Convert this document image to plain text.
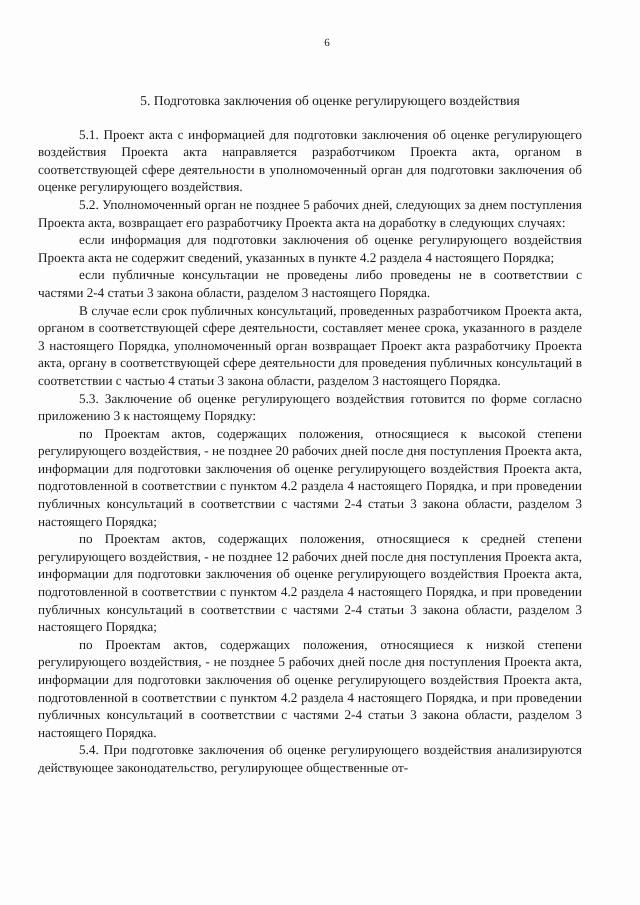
6
5. Подготовка заключения об оценке регулирующего воздействия

5.1. Проект акта с информацией для подготовки заключения об оценке регулирующего воздействия Проекта акта направляется разработчиком Проекта акта, органом в соответствующей сфере деятельности в уполномоченный орган для подготовки заключения об оценке регулирующего воздействия.

5.2. Уполномоченный орган не позднее 5 рабочих дней, следующих за днем поступления Проекта акта, возвращает его разработчику Проекта акта на доработку в следующих случаях:

если информация для подготовки заключения об оценке регулирующего воздействия Проекта акта не содержит сведений, указанных в пункте 4.2 раздела 4 настоящего Порядка;

если публичные консультации не проведены либо проведены не в соответствии с частями 2-4 статьи 3 закона области, разделом 3 настоящего Порядка.

В случае если срок публичных консультаций, проведенных разработчиком Проекта акта, органом в соответствующей сфере деятельности, составляет менее срока, указанного в разделе 3 настоящего Порядка, уполномоченный орган возвращает Проект акта разработчику Проекта акта, органу в соответствующей сфере деятельности для проведения публичных консультаций в соответствии с частью 4 статьи 3 закона области, разделом 3 настоящего Порядка.

5.3. Заключение об оценке регулирующего воздействия готовится по форме согласно приложению 3 к настоящему Порядку:

по Проектам актов, содержащих положения, относящиеся к высокой степени регулирующего воздействия, - не позднее 20 рабочих дней после дня поступления Проекта акта, информации для подготовки заключения об оценке регулирующего воздействия Проекта акта, подготовленной в соответствии с пунктом 4.2 раздела 4 настоящего Порядка, и при проведении публичных консультаций в соответствии с частями 2-4 статьи 3 закона области, разделом 3 настоящего Порядка;

по Проектам актов, содержащих положения, относящиеся к средней степени регулирующего воздействия, - не позднее 12 рабочих дней после дня поступления Проекта акта, информации для подготовки заключения об оценке регулирующего воздействия Проекта акта, подготовленной в соответствии с пунктом 4.2 раздела 4 настоящего Порядка, и при проведении публичных консультаций в соответствии с частями 2-4 статьи 3 закона области, разделом 3 настоящего Порядка;

по Проектам актов, содержащих положения, относящиеся к низкой степени регулирующего воздействия, - не позднее 5 рабочих дней после дня поступления Проекта акта, информации для подготовки заключения об оценке регулирующего воздействия Проекта акта, подготовленной в соответствии с пунктом 4.2 раздела 4 настоящего Порядка, и при проведении публичных консультаций в соответствии с частями 2-4 статьи 3 закона области, разделом 3 настоящего Порядка.

5.4. При подготовке заключения об оценке регулирующего воздействия анализируются действующее законодательство, регулирующее общественные от-
